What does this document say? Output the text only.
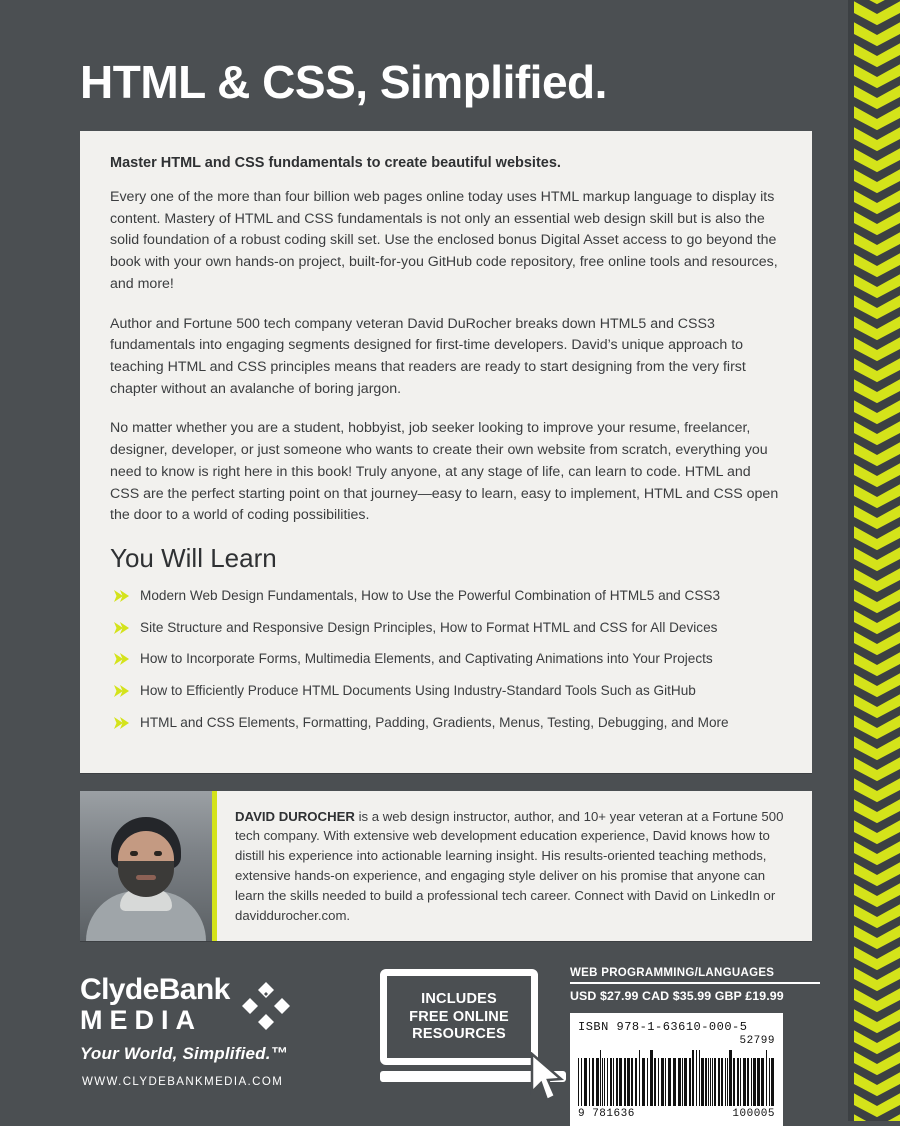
HTML & CSS, Simplified.
Master HTML and CSS fundamentals to create beautiful websites.

Every one of the more than four billion web pages online today uses HTML markup language to display its content. Mastery of HTML and CSS fundamentals is not only an essential web design skill but is also the solid foundation of a robust coding skill set. Use the enclosed bonus Digital Asset access to go beyond the book with your own hands-on project, built-for-you GitHub code repository, free online tools and resources, and more!

Author and Fortune 500 tech company veteran David DuRocher breaks down HTML5 and CSS3 fundamentals into engaging segments designed for first-time developers. David’s unique approach to teaching HTML and CSS principles means that readers are ready to start designing from the very first chapter without an avalanche of boring jargon.

No matter whether you are a student, hobbyist, job seeker looking to improve your resume, freelancer, designer, developer, or just someone who wants to create their own website from scratch, everything you need to know is right here in this book! Truly anyone, at any stage of life, can learn to code. HTML and CSS are the perfect starting point on that journey—easy to learn, easy to implement, HTML and CSS open the door to a world of coding possibilities.

You Will Learn
Modern Web Design Fundamentals, How to Use the Powerful Combination of HTML5 and CSS3
Site Structure and Responsive Design Principles, How to Format HTML and CSS for All Devices
How to Incorporate Forms, Multimedia Elements, and Captivating Animations into Your Projects
How to Efficiently Produce HTML Documents Using Industry-Standard Tools Such as GitHub
HTML and CSS Elements, Formatting, Padding, Gradients, Menus, Testing, Debugging, and More
DAVID DUROCHER is a web design instructor, author, and 10+ year veteran at a Fortune 500 tech company. With extensive web development education experience, David knows how to distill his experience into actionable learning insight. His results-oriented teaching methods, extensive hands-on experience, and engaging style deliver on his promise that anyone can learn the skills needed to build a professional tech career. Connect with David on LinkedIn or daviddurocher.com.
ClydeBank
MEDIA
Your World, Simplified.™
WWW.CLYDEBANKMEDIA.COM
INCLUDES
FREE ONLINE
RESOURCES
WEB PROGRAMMING/LANGUAGES
USD $27.99 CAD $35.99 GBP £19.99
ISBN 978-1-63610-000-5
52799
9 781636	100005
